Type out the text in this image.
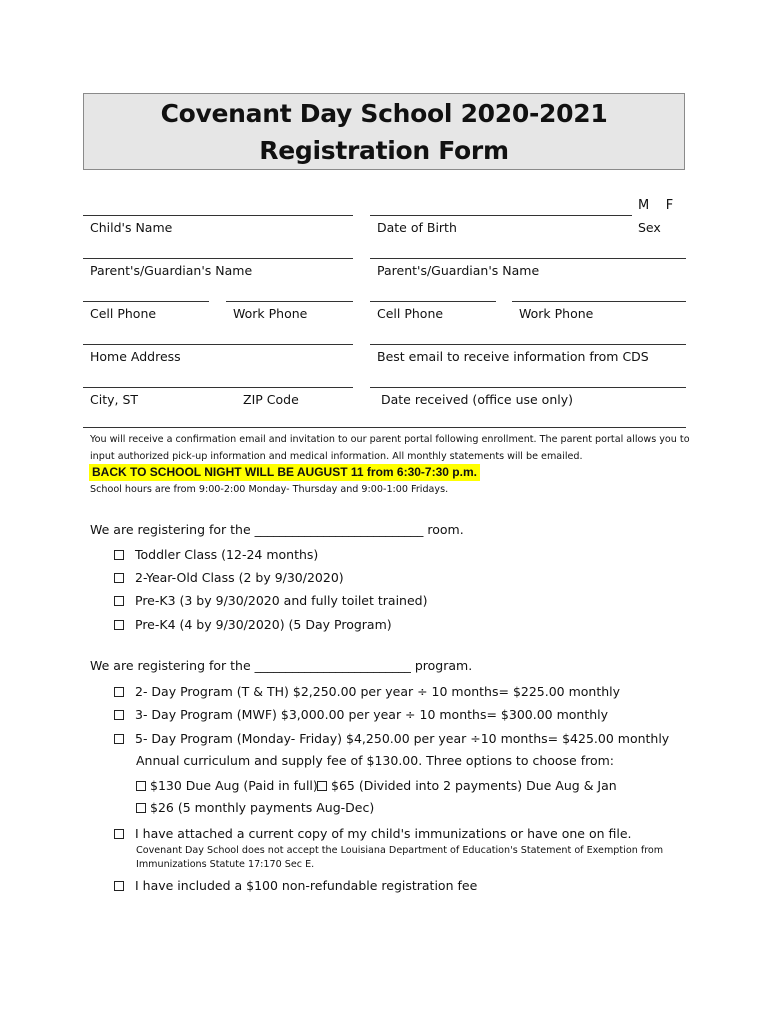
Covenant Day School 2020-2021 Registration Form
M    F
Child's Name	Date of Birth	Sex
Parent's/Guardian's Name	Parent's/Guardian's Name
Cell Phone	Work Phone	Cell Phone	Work Phone
Home Address	Best email to receive information from CDS
City, ST	ZIP Code	Date received (office use only)
You will receive a confirmation email and invitation to our parent portal following enrollment. The parent portal allows you to input authorized pick-up information and medical information. All monthly statements will be emailed.
BACK TO SCHOOL NIGHT WILL BE AUGUST 11 from 6:30-7:30 p.m.
School hours are from 9:00-2:00 Monday- Thursday and 9:00-1:00 Fridays.
We are registering for the ___________________________ room.
Toddler Class (12-24 months)
2-Year-Old Class (2 by 9/30/2020)
Pre-K3 (3 by 9/30/2020 and fully toilet trained)
Pre-K4 (4 by 9/30/2020) (5 Day Program)
We are registering for the _________________________ program.
2- Day Program (T & TH) $2,250.00 per year ÷ 10 months= $225.00 monthly
3- Day Program (MWF) $3,000.00 per year ÷ 10 months= $300.00 monthly
5- Day Program (Monday- Friday) $4,250.00 per year ÷10 months= $425.00 monthly
Annual curriculum and supply fee of $130.00. Three options to choose from:
$130 Due Aug (Paid in full)	$65 (Divided into 2 payments) Due Aug & Jan
$26 (5 monthly payments Aug-Dec)
I have attached a current copy of my child's immunizations or have one on file.
Covenant Day School does not accept the Louisiana Department of Education's Statement of Exemption from Immunizations Statute 17:170 Sec E.
I have included a $100 non-refundable registration fee
